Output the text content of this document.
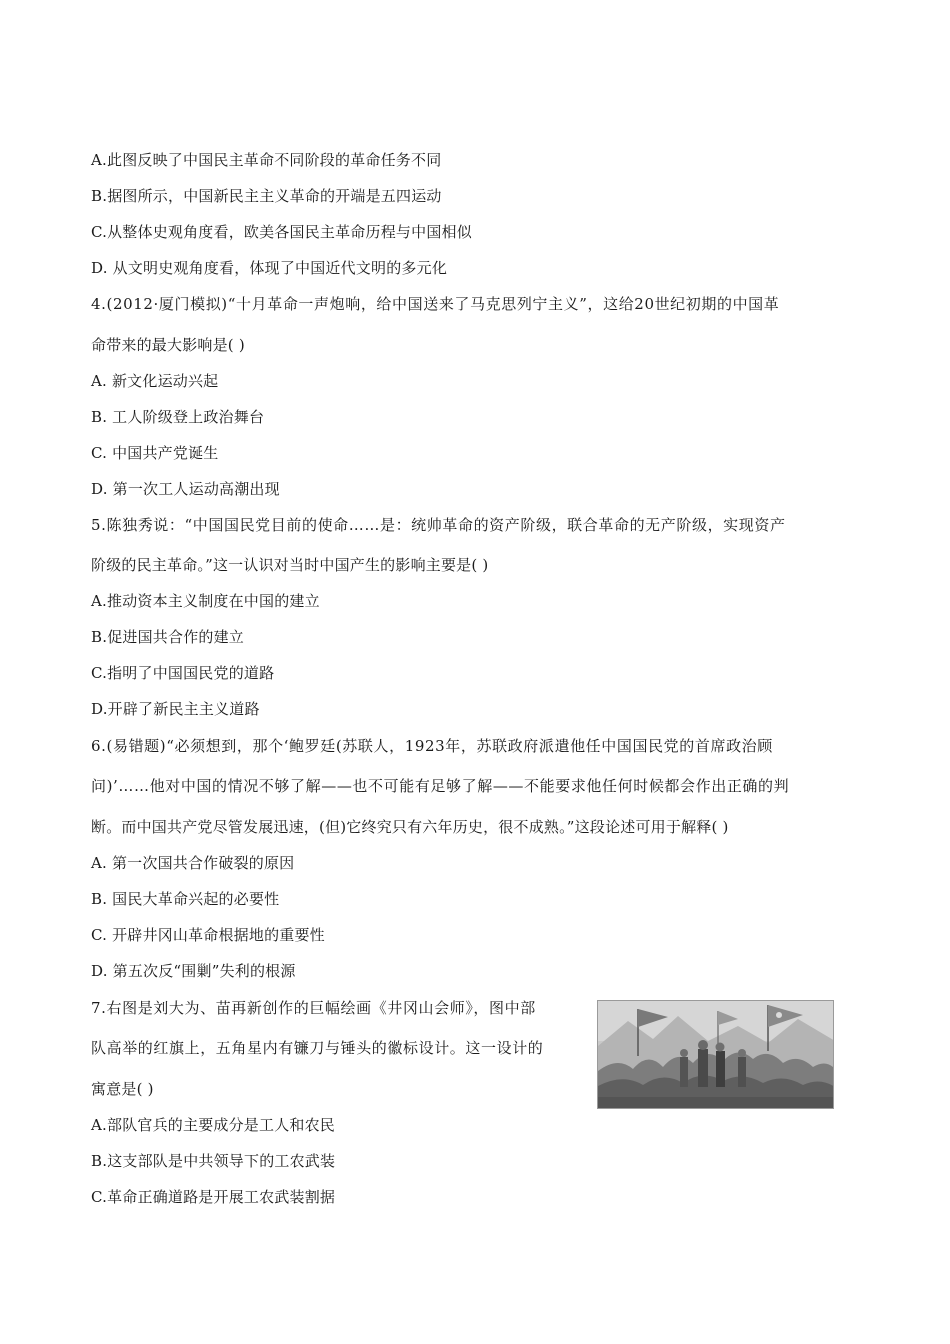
A.此图反映了中国民主革命不同阶段的革命任务不同
B.据图所示，中国新民主主义革命的开端是五四运动
C.从整体史观角度看，欧美各国民主革命历程与中国相似
D. 从文明史观角度看，体现了中国近代文明的多元化
4.(2012·厦门模拟)“十月革命一声炮响，给中国送来了马克思列宁主义”，这给20世纪初期的中国革
命带来的最大影响是( )
A. 新文化运动兴起
B. 工人阶级登上政治舞台
C. 中国共产党诞生
D. 第一次工人运动高潮出现
5.陈独秀说：“中国国民党目前的使命……是：统帅革命的资产阶级，联合革命的无产阶级，实现资产
阶级的民主革命。”这一认识对当时中国产生的影响主要是( )
A.推动资本主义制度在中国的建立
B.促进国共合作的建立
C.指明了中国国民党的道路
D.开辟了新民主主义道路
6.(易错题)“必须想到，那个‘鲍罗廷(苏联人，1923年，苏联政府派遣他任中国国民党的首席政治顾
问)’……他对中国的情况不够了解——也不可能有足够了解——不能要求他任何时候都会作出正确的判
断。而中国共产党尽管发展迅速，(但)它终究只有六年历史，很不成熟。”这段论述可用于解释( )
A. 第一次国共合作破裂的原因
B. 国民大革命兴起的必要性
C. 开辟井冈山革命根据地的重要性
D. 第五次反“围剿”失利的根源
7.右图是刘大为、苗再新创作的巨幅绘画《井冈山会师》，图中部
队高举的红旗上，五角星内有镰刀与锤头的徽标设计。这一设计的
寓意是( )
A.部队官兵的主要成分是工人和农民
B.这支部队是中共领导下的工农武装
C.革命正确道路是开展工农武装割据
